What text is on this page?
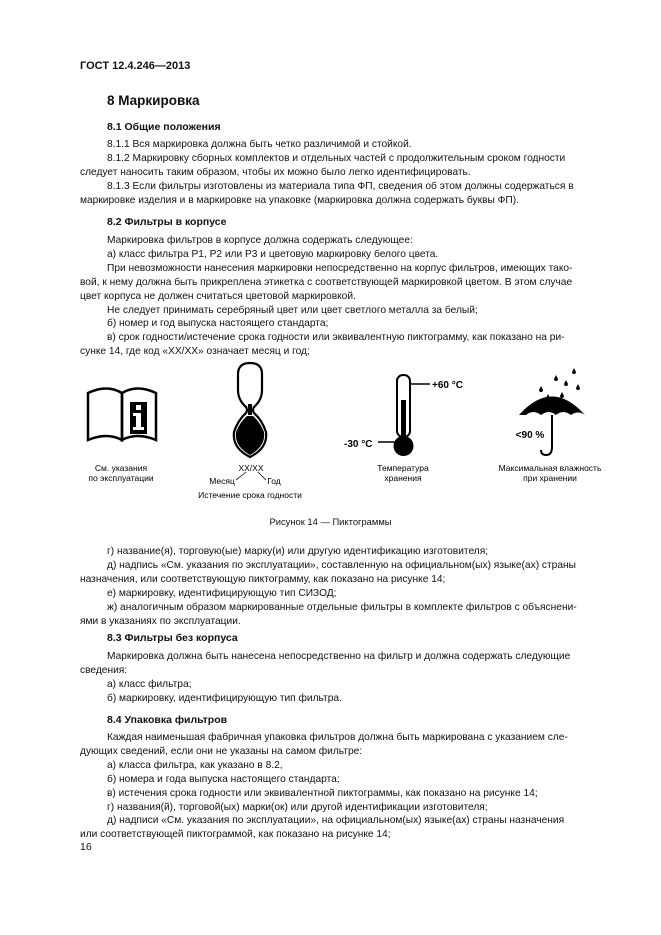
ГОСТ 12.4.246—2013
8 Маркировка
8.1 Общие положения
8.1.1 Вся маркировка должна быть четко различимой и стойкой.
8.1.2 Маркировку сборных комплектов и отдельных частей с продолжительным сроком годности
следует наносить таким образом, чтобы их можно было легко идентифицировать.
8.1.3 Если фильтры изготовлены из материала типа ФП, сведения об этом должны содержаться в
маркировке изделия и в маркировке на упаковке (маркировка должна содержать буквы ФП).
8.2 Фильтры в корпусе
Маркировка фильтров в корпусе должна содержать следующее:
а) класс фильтра Р1, Р2 или Р3 и цветовую маркировку белого цвета.
При невозможности нанесения маркировки непосредственно на корпус фильтров, имеющих тако-
вой, к нему должна быть прикреплена этикетка с соответствующей маркировкой цветом. В этом случае
цвет корпуса не должен считаться цветовой маркировкой.
Не следует принимать серебряный цвет или цвет светлого металла за белый;
б) номер и год выпуска настоящего стандарта;
в) срок годности/истечение срока годности или эквивалентную пиктограмму, как показано на ри-
сунке 14, где код «XX/XX» означает месяц и год;
См. указания
по эксплуатации
XX/XX
Месяц	Год
Истечение срока годности
+60 °С
-30 °С
Температура
хранения
<90 %
Максимальная влажность
при хранении
Рисунок 14 — Пиктограммы
г) название(я), торговую(ые) марку(и) или другую идентификацию изготовителя;
д) надпись «См. указания по эксплуатации», составленную на официальном(ых) языке(ах) страны
назначения, или соответствующую пиктограмму, как показано на рисунке 14;
е) маркировку, идентифицирующую тип СИЗОД;
ж) аналогичным образом маркированные отдельные фильтры в комплекте фильтров с объяснени-
ями в указаниях по эксплуатации.
8.3 Фильтры без корпуса
Маркировка должна быть нанесена непосредственно на фильтр и должна содержать следующие
сведения:
а) класс фильтра;
б) маркировку, идентифицирующую тип фильтра.
8.4 Упаковка фильтров
Каждая наименьшая фабричная упаковка фильтров должна быть маркирована с указанием сле-
дующих сведений, если они не указаны на самом фильтре:
а) класса фильтра, как указано в 8.2,
б) номера и года выпуска настоящего стандарта;
в) истечения срока годности или эквивалентной пиктограммы, как показано на рисунке 14;
г) названия(й), торговой(ых) марки(ок) или другой идентификации изготовителя;
д) надписи «См. указания по эксплуатации», на официальном(ых) языке(ах) страны назначения
или соответствующей пиктограммой, как показано на рисунке 14;
16
